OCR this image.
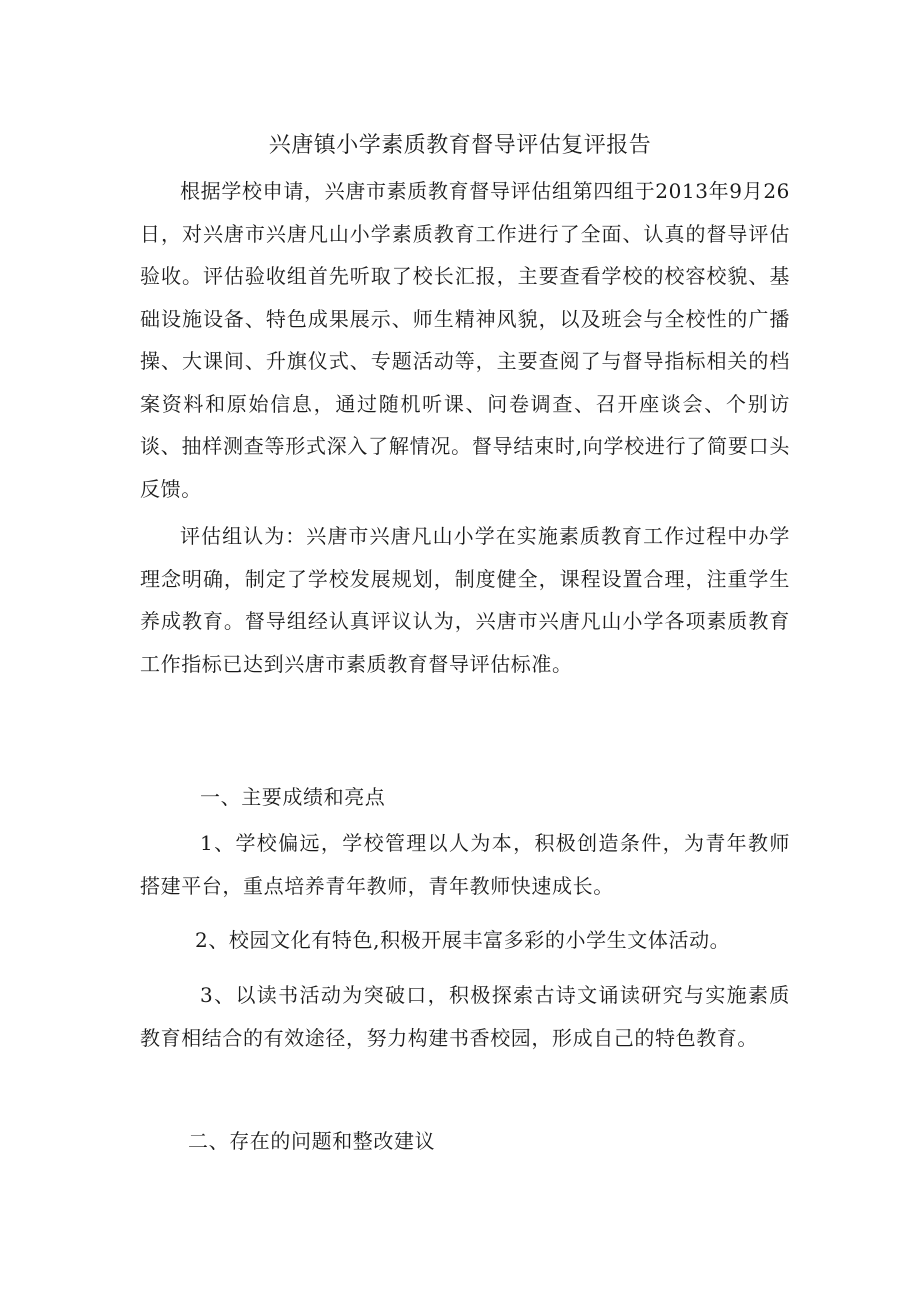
兴唐镇小学素质教育督导评估复评报告

根据学校申请，兴唐市素质教育督导评估组第四组于2013年9月26日，对兴唐市兴唐凡山小学素质教育工作进行了全面、认真的督导评估验收。评估验收组首先听取了校长汇报，主要查看学校的校容校貌、基础设施设备、特色成果展示、师生精神风貌，以及班会与全校性的广播操、大课间、升旗仪式、专题活动等，主要查阅了与督导指标相关的档案资料和原始信息，通过随机听课、问卷调查、召开座谈会、个别访谈、抽样测查等形式深入了解情况。督导结束时,向学校进行了简要口头反馈。

评估组认为：兴唐市兴唐凡山小学在实施素质教育工作过程中办学理念明确，制定了学校发展规划，制度健全，课程设置合理，注重学生养成教育。督导组经认真评议认为，兴唐市兴唐凡山小学各项素质教育工作指标已达到兴唐市素质教育督导评估标准。

一、主要成绩和亮点

1、学校偏远，学校管理以人为本，积极创造条件，为青年教师搭建平台，重点培养青年教师，青年教师快速成长。

2、校园文化有特色,积极开展丰富多彩的小学生文体活动。

3、以读书活动为突破口，积极探索古诗文诵读研究与实施素质教育相结合的有效途径，努力构建书香校园，形成自己的特色教育。

二、存在的问题和整改建议
